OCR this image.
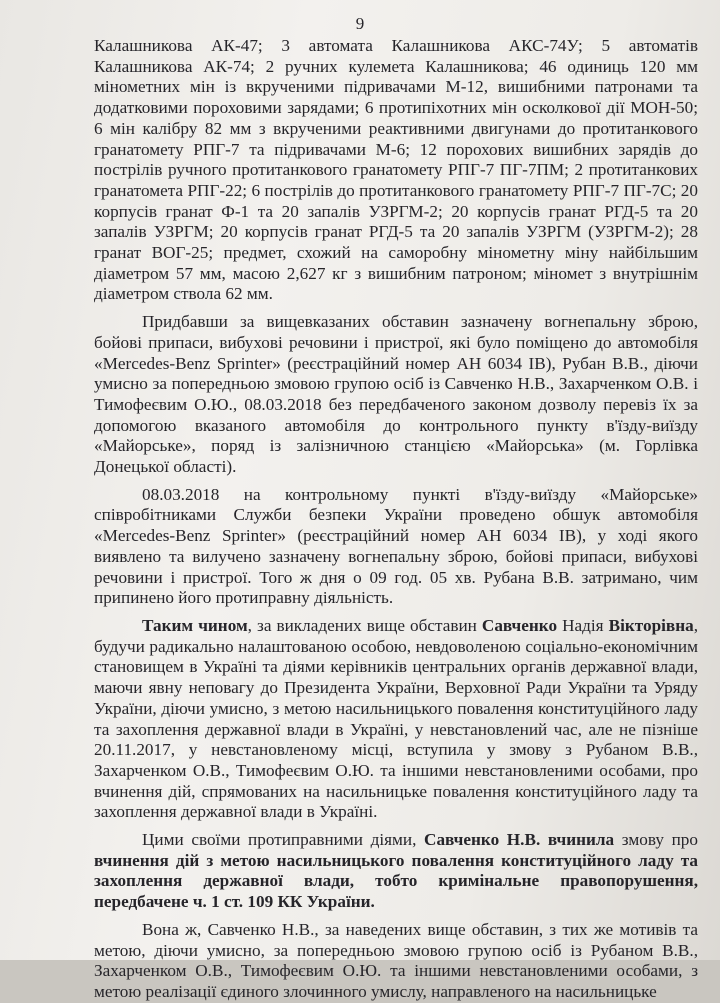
9

Калашникова АК-47; 3 автомата Калашникова АКС-74У; 5 автоматів Калашникова АК-74; 2 ручних кулемета Калашникова; 46 одиниць 120 мм мінометних мін із вкрученими підривачами М-12, вишибними патронами та додатковими пороховими зарядами; 6 протипіхотних мін осколкової дії МОН-50; 6 мін калібру 82 мм з вкрученими реактивними двигунами до протитанкового гранатомету РПГ-7 та підривачами М-6; 12 порохових вишибних зарядів до пострілів ручного протитанкового гранатомету РПГ-7 ПГ-7ПМ; 2 протитанкових гранатомета РПГ-22; 6 пострілів до протитанкового гранатомету РПГ-7 ПГ-7С; 20 корпусів гранат Ф-1 та 20 запалів УЗРГМ-2; 20 корпусів гранат РГД-5 та 20 запалів УЗРГМ; 20 корпусів гранат РГД-5 та 20 запалів УЗРГМ (УЗРГМ-2); 28 гранат ВОГ-25; предмет, схожий на саморобну мінометну міну найбільшим діаметром 57 мм, масою 2,627 кг з вишибним патроном; міномет з внутрішнім діаметром ствола 62 мм.

Придбавши за вищевказаних обставин зазначену вогнепальну зброю, бойові припаси, вибухові речовини і пристрої, які було поміщено до автомобіля «Mercedes-Benz Sprinter» (реєстраційний номер АН 6034 ІВ), Рубан В.В., діючи умисно за попередньою змовою групою осіб із Савченко Н.В., Захарченком О.В. і Тимофеєвим О.Ю., 08.03.2018 без передбаченого законом дозволу перевіз їх за допомогою вказаного автомобіля до контрольного пункту в'їзду-виїзду «Майорське», поряд із залізничною станцією «Майорська» (м. Горлівка Донецької області).

08.03.2018 на контрольному пункті в'їзду-виїзду «Майорське» співробітниками Служби безпеки України проведено обшук автомобіля «Mercedes-Benz Sprinter» (реєстраційний номер АН 6034 ІВ), у ході якого виявлено та вилучено зазначену вогнепальну зброю, бойові припаси, вибухові речовини і пристрої. Того ж дня о 09 год. 05 хв. Рубана В.В. затримано, чим припинено його протиправну діяльність.

Таким чином, за викладених вище обставин Савченко Надія Вікторівна, будучи радикально налаштованою особою, невдоволеною соціально-економічним становищем в Україні та діями керівників центральних органів державної влади, маючи явну неповагу до Президента України, Верховної Ради України та Уряду України, діючи умисно, з метою насильницького повалення конституційного ладу та захоплення державної влади в Україні, у невстановлений час, але не пізніше 20.11.2017, у невстановленому місці, вступила у змову з Рубаном В.В., Захарченком О.В., Тимофеєвим О.Ю. та іншими невстановленими особами, про вчинення дій, спрямованих на насильницьке повалення конституційного ладу та захоплення державної влади в Україні.

Цими своїми протиправними діями, Савченко Н.В. вчинила змову про вчинення дій з метою насильницького повалення конституційного ладу та захоплення державної влади, тобто кримінальне правопорушення, передбачене ч. 1 ст. 109 КК України.

Вона ж, Савченко Н.В., за наведених вище обставин, з тих же мотивів та метою, діючи умисно, за попередньою змовою групою осіб із Рубаном В.В., Захарченком О.В., Тимофеєвим О.Ю. та іншими невстановленими особами, з метою реалізації єдиного злочинного умислу, направленого на насильницьке
